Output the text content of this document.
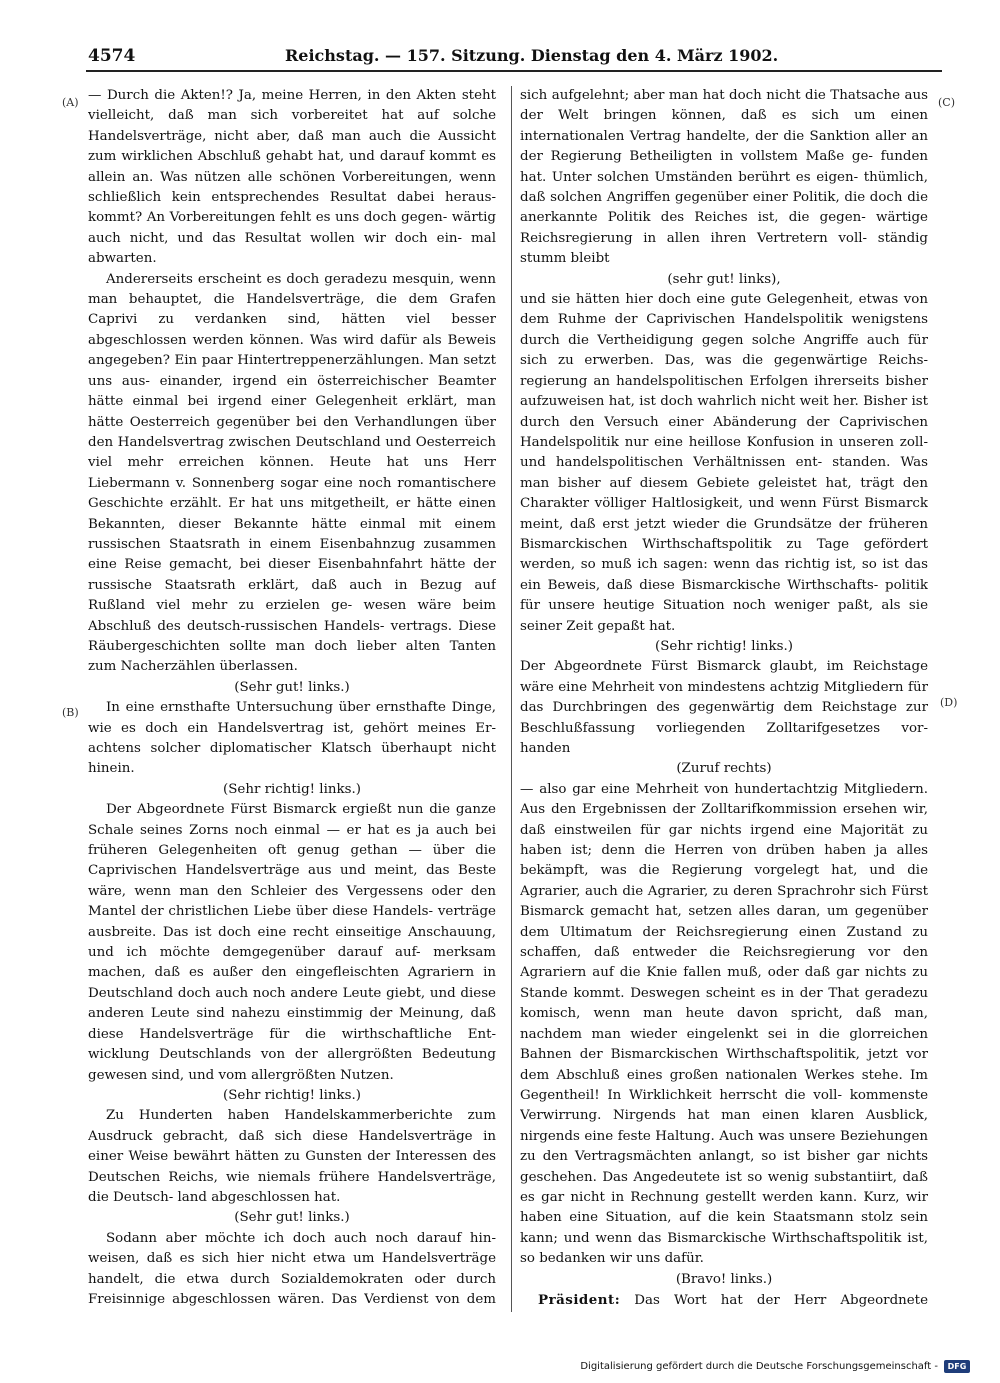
4574	Reichstag. — 157. Sitzung. Dienstag den 4. März 1902.
(A)
(B)
(C)
(D)

— Durch die Akten!? Ja, meine Herren, in den Akten steht vielleicht, daß man sich vorbereitet hat auf solche Handelsverträge, nicht aber, daß man auch die Aussicht zum wirklichen Abschluß gehabt hat, und darauf kommt es allein an. Was nützen alle schönen Vorbereitungen, wenn schließlich kein entsprechendes Resultat dabei heraus- kommt? An Vorbereitungen fehlt es uns doch gegen- wärtig auch nicht, und das Resultat wollen wir doch ein- mal abwarten.

Andererseits erscheint es doch geradezu mesquin, wenn man behauptet, die Handelsverträge, die dem Grafen Caprivi zu verdanken sind, hätten viel besser abgeschlossen werden können. Was wird dafür als Beweis angegeben? Ein paar Hintertreppenerzählungen. Man setzt uns aus- einander, irgend ein österreichischer Beamter hätte einmal bei irgend einer Gelegenheit erklärt, man hätte Oesterreich gegenüber bei den Verhandlungen über den Handelsvertrag zwischen Deutschland und Oesterreich viel mehr erreichen können. Heute hat uns Herr Liebermann v. Sonnenberg sogar eine noch romantischere Geschichte erzählt. Er hat uns mitgetheilt, er hätte einen Bekannten, dieser Bekannte hätte einmal mit einem russischen Staatsrath in einem Eisenbahnzug zusammen eine Reise gemacht, bei dieser Eisenbahnfahrt hätte der russische Staatsrath erklärt, daß auch in Bezug auf Rußland viel mehr zu erzielen ge- wesen wäre beim Abschluß des deutsch-russischen Handels- vertrags. Diese Räubergeschichten sollte man doch lieber alten Tanten zum Nacherzählen überlassen.

(Sehr gut! links.)

In eine ernsthafte Untersuchung über ernsthafte Dinge, wie es doch ein Handelsvertrag ist, gehört meines Er- achtens solcher diplomatischer Klatsch überhaupt nicht hinein.

(Sehr richtig! links.)

Der Abgeordnete Fürst Bismarck ergießt nun die ganze Schale seines Zorns noch einmal — er hat es ja auch bei früheren Gelegenheiten oft genug gethan — über die Caprivischen Handelsverträge aus und meint, das Beste wäre, wenn man den Schleier des Vergessens oder den Mantel der christlichen Liebe über diese Handels- verträge ausbreite. Das ist doch eine recht einseitige Anschauung, und ich möchte demgegenüber darauf auf- merksam machen, daß es außer den eingefleischten Agrariern in Deutschland doch auch noch andere Leute giebt, und diese anderen Leute sind nahezu einstimmig der Meinung, daß diese Handelsverträge für die wirthschaftliche Ent- wicklung Deutschlands von der allergrößten Bedeutung gewesen sind, und vom allergrößten Nutzen.

(Sehr richtig! links.)

Zu Hunderten haben Handelskammerberichte zum Ausdruck gebracht, daß sich diese Handelsverträge in einer Weise bewährt hätten zu Gunsten der Interessen des Deutschen Reichs, wie niemals frühere Handelsverträge, die Deutsch- land abgeschlossen hat.

(Sehr gut! links.)

Sodann aber möchte ich doch auch noch darauf hin- weisen, daß es sich hier nicht etwa um Handelsverträge handelt, die etwa durch Sozialdemokraten oder durch Freisinnige abgeschlossen wären. Das Verdienst von dem

sich aufgelehnt; aber man hat doch nicht die Thatsache aus der Welt bringen können, daß es sich um einen internationalen Vertrag handelte, der die Sanktion aller an der Regierung Betheiligten in vollstem Maße ge- funden hat. Unter solchen Umständen berührt es eigen- thümlich, daß solchen Angriffen gegenüber einer Politik, die doch die anerkannte Politik des Reiches ist, die gegen- wärtige Reichsregierung in allen ihren Vertretern voll- ständig stumm bleibt

(sehr gut! links),

und sie hätten hier doch eine gute Gelegenheit, etwas von dem Ruhme der Caprivischen Handelspolitik wenigstens durch die Vertheidigung gegen solche Angriffe auch für sich zu erwerben. Das, was die gegenwärtige Reichs- regierung an handelspolitischen Erfolgen ihrerseits bisher aufzuweisen hat, ist doch wahrlich nicht weit her. Bisher ist durch den Versuch einer Abänderung der Caprivischen Handelspolitik nur eine heillose Konfusion in unseren zoll- und handelspolitischen Verhältnissen ent- standen. Was man bisher auf diesem Gebiete geleistet hat, trägt den Charakter völliger Haltlosigkeit, und wenn Fürst Bismarck meint, daß erst jetzt wieder die Grundsätze der früheren Bismarckischen Wirthschaftspolitik zu Tage gefördert werden, so muß ich sagen: wenn das richtig ist, so ist das ein Beweis, daß diese Bismarckische Wirthschafts- politik für unsere heutige Situation noch weniger paßt, als sie seiner Zeit gepaßt hat.

(Sehr richtig! links.)

Der Abgeordnete Fürst Bismarck glaubt, im Reichstage wäre eine Mehrheit von mindestens achtzig Mitgliedern für das Durchbringen des gegenwärtig dem Reichstage zur Beschlußfassung vorliegenden Zolltarifgesetzes vor- handen

(Zuruf rechts)

— also gar eine Mehrheit von hundertachtzig Mitgliedern. Aus den Ergebnissen der Zolltarifkommission ersehen wir, daß einstweilen für gar nichts irgend eine Majorität zu haben ist; denn die Herren von drüben haben ja alles bekämpft, was die Regierung vorgelegt hat, und die Agrarier, auch die Agrarier, zu deren Sprachrohr sich Fürst Bismarck gemacht hat, setzen alles daran, um gegenüber dem Ultimatum der Reichsregierung einen Zustand zu schaffen, daß entweder die Reichsregierung vor den Agrariern auf die Knie fallen muß, oder daß gar nichts zu Stande kommt. Deswegen scheint es in der That geradezu komisch, wenn man heute davon spricht, daß man, nachdem man wieder eingelenkt sei in die glorreichen Bahnen der Bismarckischen Wirthschaftspolitik, jetzt vor dem Abschluß eines großen nationalen Werkes stehe. Im Gegentheil! In Wirklichkeit herrscht die voll- kommenste Verwirrung. Nirgends hat man einen klaren Ausblick, nirgends eine feste Haltung. Auch was unsere Beziehungen zu den Vertragsmächten anlangt, so ist bisher gar nichts geschehen. Das Angedeutete ist so wenig substantiirt, daß es gar nicht in Rechnung gestellt werden kann. Kurz, wir haben eine Situation, auf die kein Staatsmann stolz sein kann; und wenn das Bismarckische Wirthschaftspolitik ist, so bedanken wir uns dafür.

(Bravo! links.)

Präsident: Das Wort hat der Herr Abgeordnete

Digitalisierung gefördert durch die Deutsche Forschungsgemeinschaft -	DFG
